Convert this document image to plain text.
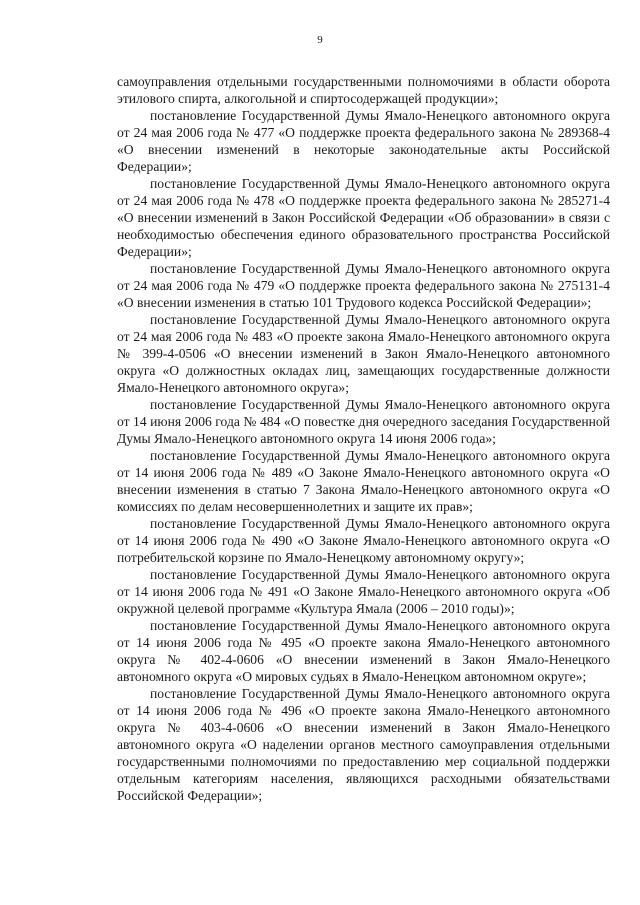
9

самоуправления отдельными государственными полномочиями в области оборота этилового спирта, алкогольной и спиртосодержащей продукции»;

постановление Государственной Думы Ямало-Ненецкого автономного округа от 24 мая 2006 года № 477 «О поддержке проекта федерального закона № 289368-4 «О внесении изменений в некоторые законодательные акты Российской Федерации»;

постановление Государственной Думы Ямало-Ненецкого автономного округа от 24 мая 2006 года № 478 «О поддержке проекта федерального закона № 285271-4 «О внесении изменений в Закон Российской Федерации «Об образовании» в связи с необходимостью обеспечения единого образовательного пространства Российской Федерации»;

постановление Государственной Думы Ямало-Ненецкого автономного округа от 24 мая 2006 года № 479 «О поддержке проекта федерального закона № 275131-4 «О внесении изменения в статью 101 Трудового кодекса Российской Федерации»;

постановление Государственной Думы Ямало-Ненецкого автономного округа от 24 мая 2006 года № 483 «О проекте закона Ямало-Ненецкого автономного округа № 399-4-0506 «О внесении изменений в Закон Ямало-Ненецкого автономного округа «О должностных окладах лиц, замещающих государственные должности Ямало-Ненецкого автономного округа»;

постановление Государственной Думы Ямало-Ненецкого автономного округа от 14 июня 2006 года № 484 «О повестке дня очередного заседания Государственной Думы Ямало-Ненецкого автономного округа 14 июня 2006 года»;

постановление Государственной Думы Ямало-Ненецкого автономного округа от 14 июня 2006 года № 489 «О Законе Ямало-Ненецкого автономного округа «О внесении изменения в статью 7 Закона Ямало-Ненецкого автономного округа «О комиссиях по делам несовершеннолетних и защите их прав»;

постановление Государственной Думы Ямало-Ненецкого автономного округа от 14 июня 2006 года № 490 «О Законе Ямало-Ненецкого автономного округа «О потребительской корзине по Ямало-Ненецкому автономному округу»;

постановление Государственной Думы Ямало-Ненецкого автономного округа от 14 июня 2006 года № 491 «О Законе Ямало-Ненецкого автономного округа «Об окружной целевой программе «Культура Ямала (2006 – 2010 годы)»;

постановление Государственной Думы Ямало-Ненецкого автономного округа от 14 июня 2006 года № 495 «О проекте закона Ямало-Ненецкого автономного округа № 402-4-0606 «О внесении изменений в Закон Ямало-Ненецкого автономного округа «О мировых судьях в Ямало-Ненецком автономном округе»;

постановление Государственной Думы Ямало-Ненецкого автономного округа от 14 июня 2006 года № 496 «О проекте закона Ямало-Ненецкого автономного округа № 403-4-0606 «О внесении изменений в Закон Ямало-Ненецкого автономного округа «О наделении органов местного самоуправления отдельными государственными полномочиями по предоставлению мер социальной поддержки отдельным категориям населения, являющихся расходными обязательствами Российской Федерации»;
